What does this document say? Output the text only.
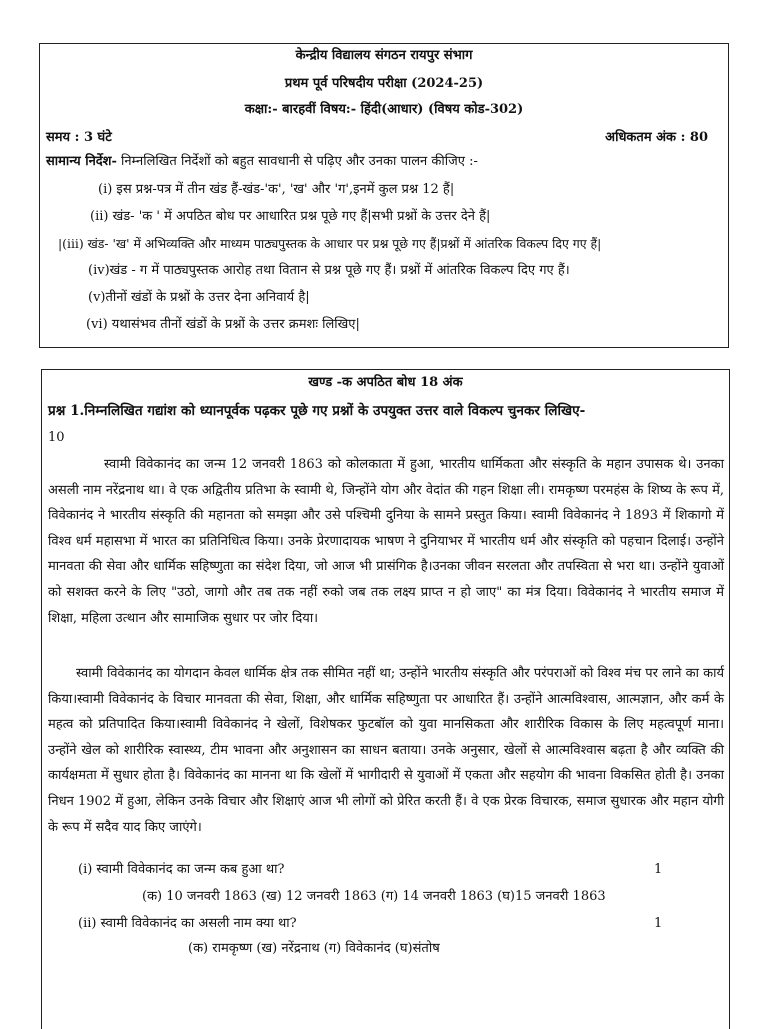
केन्द्रीय विद्यालय संगठन रायपुर संभाग
प्रथम पूर्व परिषदीय परीक्षा (2024-25)
कक्षा:- बारहवीं विषय:- हिंदी(आधार) (विषय कोड-302)
समय : 3 घंटे	अधिकतम अंक : 80
सामान्य निर्देश- निम्नलिखित निर्देशों को बहुत सावधानी से पढ़िए और उनका पालन कीजिए :-
(i) इस प्रश्न-पत्र में तीन खंड हैं-खंड-'क', 'ख' और 'ग',इनमें कुल प्रश्न 12 हैं|
(ii) खंड- 'क ' में अपठित बोध पर आधारित प्रश्न पूछे गए हैं|सभी प्रश्नों के उत्तर देने हैं|
|(iii) खंड- 'ख' में अभिव्यक्ति और माध्यम पाठ्यपुस्तक के आधार पर प्रश्न पूछे गए हैं|प्रश्नों में आंतरिक विकल्प दिए गए हैं|
(iv)खंड - ग में पाठ्यपुस्तक आरोह तथा वितान से प्रश्न पूछे गए हैं। प्रश्नों में आंतरिक विकल्प दिए गए हैं।
(v)तीनों खंडों के प्रश्नों के उत्तर देना अनिवार्य है|
(vi) यथासंभव तीनों खंडों के प्रश्नों के उत्तर क्रमशः लिखिए|
खण्ड -क अपठित बोध 18 अंक
प्रश्न 1.निम्नलिखित गद्यांश को ध्यानपूर्वक पढ़कर पूछे गए प्रश्नों के उपयुक्त उत्तर वाले विकल्प चुनकर लिखिए-
10
स्वामी विवेकानंद का जन्म 12 जनवरी 1863 को कोलकाता में हुआ, भारतीय धार्मिकता और संस्कृति के महान उपासक थे। उनका असली नाम नरेंद्रनाथ था। वे एक अद्वितीय प्रतिभा के स्वामी थे, जिन्होंने योग और वेदांत की गहन शिक्षा ली। रामकृष्ण परमहंस के शिष्य के रूप में, विवेकानंद ने भारतीय संस्कृति की महानता को समझा और उसे पश्चिमी दुनिया के सामने प्रस्तुत किया। स्वामी विवेकानंद ने 1893 में शिकागो में विश्व धर्म महासभा में भारत का प्रतिनिधित्व किया। उनके प्रेरणादायक भाषण ने दुनियाभर में भारतीय धर्म और संस्कृति को पहचान दिलाई। उन्होंने मानवता की सेवा और धार्मिक सहिष्णुता का संदेश दिया, जो आज भी प्रासंगिक है।उनका जीवन सरलता और तपस्विता से भरा था। उन्होंने युवाओं को सशक्त करने के लिए "उठो, जागो और तब तक नहीं रुको जब तक लक्ष्य प्राप्त न हो जाए" का मंत्र दिया। विवेकानंद ने भारतीय समाज में शिक्षा, महिला उत्थान और सामाजिक सुधार पर जोर दिया।
स्वामी विवेकानंद का योगदान केवल धार्मिक क्षेत्र तक सीमित नहीं था; उन्होंने भारतीय संस्कृति और परंपराओं को विश्व मंच पर लाने का कार्य किया।स्वामी विवेकानंद के विचार मानवता की सेवा, शिक्षा, और धार्मिक सहिष्णुता पर आधारित हैं। उन्होंने आत्मविश्वास, आत्मज्ञान, और कर्म के महत्व को प्रतिपादित किया।स्वामी विवेकानंद ने खेलों, विशेषकर फुटबॉल को युवा मानसिकता और शारीरिक विकास के लिए महत्वपूर्ण माना। उन्होंने खेल को शारीरिक स्वास्थ्य, टीम भावना और अनुशासन का साधन बताया। उनके अनुसार, खेलों से आत्मविश्वास बढ़ता है और व्यक्ति की कार्यक्षमता में सुधार होता है। विवेकानंद का मानना था कि खेलों में भागीदारी से युवाओं में एकता और सहयोग की भावना विकसित होती है। उनका निधन 1902 में हुआ, लेकिन उनके विचार और शिक्षाएं आज भी लोगों को प्रेरित करती हैं। वे एक प्रेरक विचारक, समाज सुधारक और महान योगी के रूप में सदैव याद किए जाएंगे।
(i) स्वामी विवेकानंद का जन्म कब हुआ था?	1
(क) 10 जनवरी 1863 (ख) 12 जनवरी 1863 (ग) 14 जनवरी 1863 (घ)15 जनवरी 1863
(ii) स्वामी विवेकानंद का असली नाम क्या था?	1
(क) रामकृष्ण (ख) नरेंद्रनाथ (ग) विवेकानंद (घ)संतोष
